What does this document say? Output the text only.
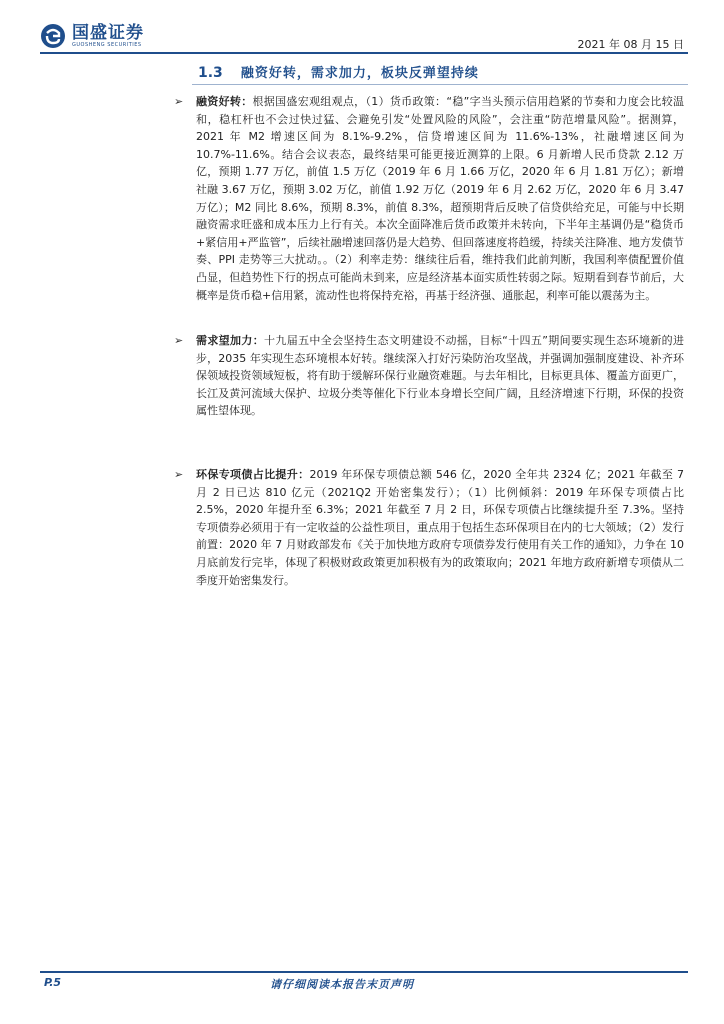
国盛证券
GUOSHENG SECURITIES	2021 年 08 月 15 日
1.3 融资好转，需求加力，板块反弹望持续
➢ 融资好转：根据国盛宏观组观点，（1）货币政策：“稳”字当头预示信用趋紧的节奏和力度会比较温和，稳杠杆也不会过快过猛、会避免引发“处置风险的风险”，会注重“防范增量风险”。据测算，2021 年 M2 增速区间为 8.1%-9.2%，信贷增速区间为 11.6%-13%，社融增速区间为 10.7%-11.6%。结合会议表态，最终结果可能更接近测算的上限。6 月新增人民币贷款 2.12 万亿，预期 1.77 万亿，前值 1.5 万亿（2019 年 6 月 1.66 万亿，2020 年 6 月 1.81 万亿）；新增社融 3.67 万亿，预期 3.02 万亿，前值 1.92 万亿（2019 年 6 月 2.62 万亿，2020 年 6 月 3.47 万亿）；M2 同比 8.6%，预期 8.3%，前值 8.3%，超预期背后反映了信贷供给充足，可能与中长期融资需求旺盛和成本压力上行有关。本次全面降准后货币政策并未转向，下半年主基调仍是“稳货币+紧信用+严监管”，后续社融增速回落仍是大趋势、但回落速度将趋缓，持续关注降准、地方发债节奏、PPI 走势等三大扰动。。（2）利率走势：继续往后看，维持我们此前判断，我国利率债配置价值凸显，但趋势性下行的拐点可能尚未到来，应是经济基本面实质性转弱之际。短期看到春节前后，大概率是货币稳+信用紧，流动性也将保持充裕，再基于经济强、通胀起，利率可能以震荡为主。
➢ 需求望加力：十九届五中全会坚持生态文明建设不动摇，目标“十四五”期间要实现生态环境新的进步，2035 年实现生态环境根本好转。继续深入打好污染防治攻坚战，并强调加强制度建设、补齐环保领域投资领域短板，将有助于缓解环保行业融资难题。与去年相比，目标更具体、覆盖方面更广，长江及黄河流域大保护、垃圾分类等催化下行业本身增长空间广阔，且经济增速下行期，环保的投资属性望体现。
➢ 环保专项债占比提升：2019 年环保专项债总额 546 亿，2020 全年共 2324 亿；2021 年截至 7 月 2 日已达 810 亿元（2021Q2 开始密集发行）；（1）比例倾斜：2019 年环保专项债占比 2.5%，2020 年提升至 6.3%；2021 年截至 7 月 2 日，环保专项债占比继续提升至 7.3%。坚持专项债券必须用于有一定收益的公益性项目，重点用于包括生态环保项目在内的七大领域；（2）发行前置：2020 年 7 月财政部发布《关于加快地方政府专项债券发行使用有关工作的通知》，力争在 10 月底前发行完毕，体现了积极财政政策更加积极有为的政策取向；2021 年地方政府新增专项债从二季度开始密集发行。
P.5	请仔细阅读本报告末页声明
